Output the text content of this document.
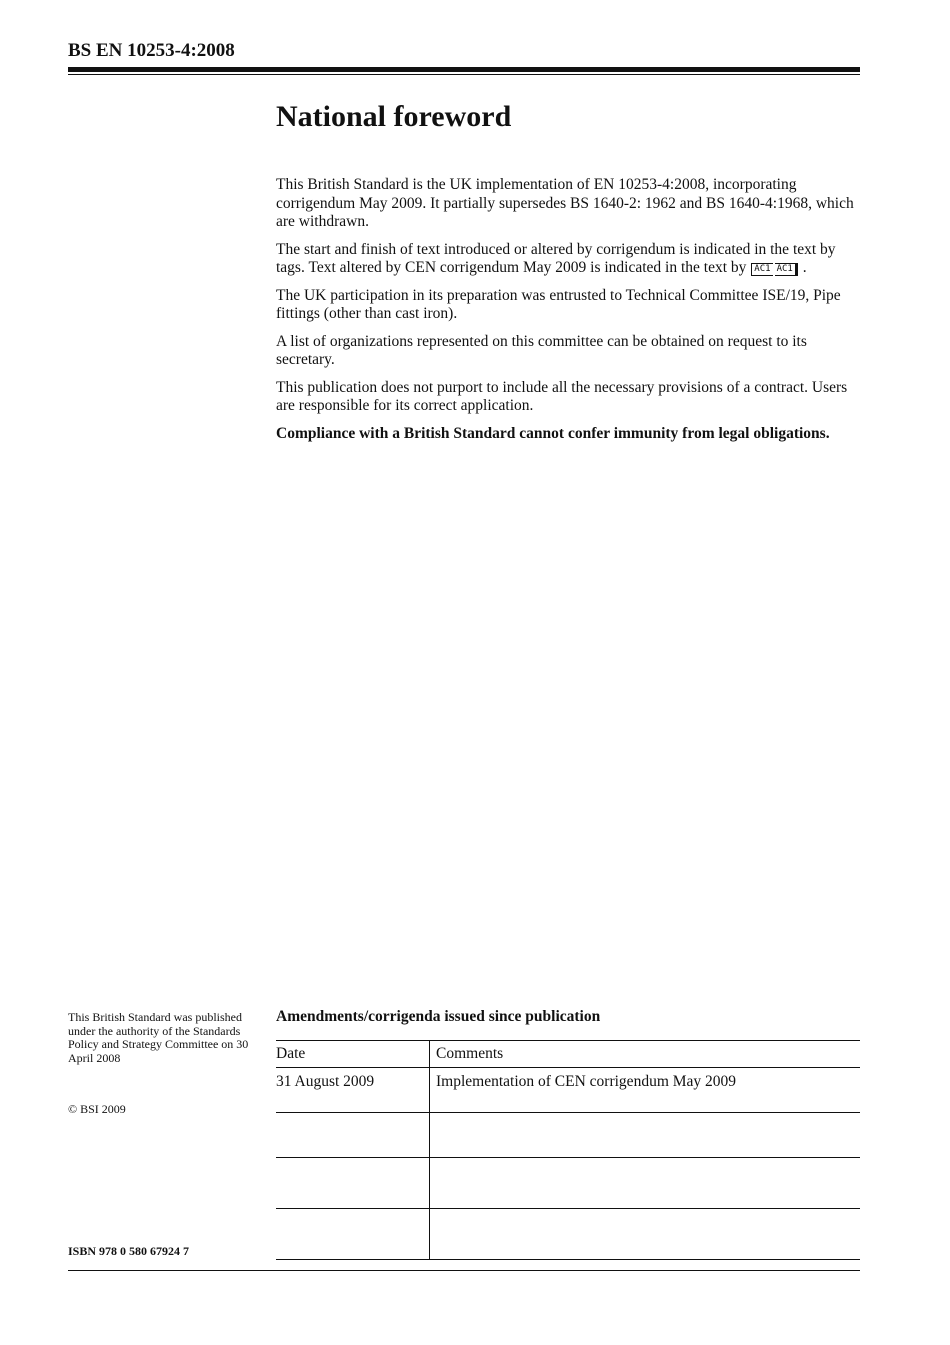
BS EN 10253-4:2008
National foreword

This British Standard is the UK implementation of EN 10253-4:2008, incorporating corrigendum May 2009. It partially supersedes BS 1640-2: 1962 and BS 1640-4:1968, which are withdrawn.

The start and finish of text introduced or altered by corrigendum is indicated in the text by tags. Text altered by CEN corrigendum May 2009 is indicated in the text by AC1 AC1 .

The UK participation in its preparation was entrusted to Technical Committee ISE/19, Pipe fittings (other than cast iron).

A list of organizations represented on this committee can be obtained on request to its secretary.

This publication does not purport to include all the necessary provisions of a contract. Users are responsible for its correct application.

Compliance with a British Standard cannot confer immunity from legal obligations.

This British Standard was published under the authority of the Standards Policy and Strategy Committee on 30 April 2008
© BSI 2009
ISBN 978 0 580 67924 7
Amendments/corrigenda issued since publication
Date	Comments
31 August 2009	Implementation of CEN corrigendum May 2009
